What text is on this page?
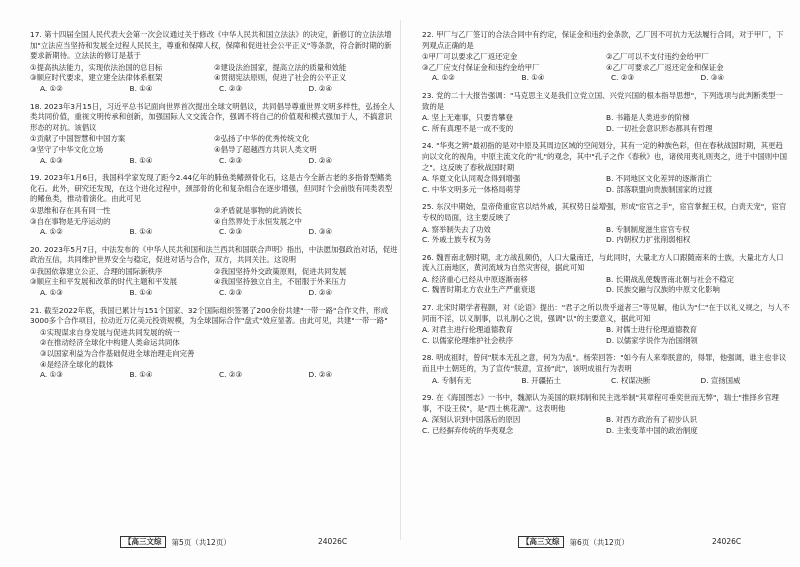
17. 第十四届全国人民代表大会第一次会议通过关于修改《中华人民共和国立法法》的决定，新修订的立法法增加"立法应当坚持和发展全过程人民民主，尊重和保障人权，保障和促进社会公平正义"等条款，符合新时期的新要求新期待。立法法的修订是基于
①提高执法能力，实现依法治国的总目标	②建设法治国家，提高立法的质量和效能
③顺应时代要求，建立建全法律体系框架	④贯彻宪法原则，促进了社会的公平正义
A. ①②	B. ①④	C. ②③	D. ②④
18. 2023年3月15日，习近平总书记面向世界首次提出全球文明倡议，共同倡导尊重世界文明多样性，弘扬全人类共同价值，重视文明传承和创新，加强国际人文交流合作，强调不将自己的价值观和模式强加于人，不搞意识形态的对抗。该倡议
①贡献了中国智慧和中国方案	②弘扬了中华的优秀传统文化
③坚守了中华文化立场	④倡导了超越西方共识人类文明
A. ①③	B. ①④	C. ②③	D. ②④
19. 2023年1月6日，我国科学家发现了距今2.44亿年的肺鱼类鳍颈骨化石，这是古今全新古老的多指骨型鳍类化石。此外，研究还发现，在这个进化过程中，颈部骨的化和复杂组合在逐步增强，但同时个会前肢有同类表型的鳍鱼类，推动着演化。由此可见
①思维和存在具有同一性	②矛盾就是事物的此消彼长
③自在事物是无序运动的	④自然界处于永恒发展之中
A. ①②	B. ①④	C. ②③	D. ③④
20. 2023年5月7日，中法发布的《中华人民共和国和法兰西共和国联合声明》指出，中法愿加强政治对话，促进政治互信，共同维护世界安全与稳定，促进对话与合作，双方，共同关注。这说明
①我国依靠建立公正、合理的国际新秩序	②我国坚持外交政策原则，促进共同发展
③顺应主和平发展和改革的时代主题和平发展	④我国坚持独立自主，不屈服于外来压力
A. ①③	B. ①④	C. ②③	D. ②④
21. 截至2022年底，我国已累计与151个国家、32个国际组织签署了200余份共建"一带一路"合作文件，形成3000多个合作项目，拉动近万亿美元投资规模，为全球国际合作"盘式"效应显著。由此可见，共建"一带一路"
①实现谋求自身发展与促进共同发展的统一
②在推动经济全球化中构建人类命运共同体
③以国家利益为合作基础促进全球治理走向完善
④是经济全球化的载体
A. ①③	B. ①④	C. ②③	D. ②④
【高三文综	第5页（共12页）	24026C
22. 甲厂与乙厂签订的合法合同中有约定，保证金和违约金条款，乙厂因不可抗力无法履行合同，对于甲厂，下列观点正确的是
①甲厂可以要求乙厂返还定金	②乙厂可以不支付违约金给甲厂
③乙厂应支付保证金和违约金给甲厂	④乙厂可要求乙厂返还定金和保证金
A. ①②	B. ①④	C. ②③	D. ③④
23. 党的二十大报告强调："马克思主义是我们立党立国、兴党兴国的根本指导思想"，下列选项与此判断类型一致的是
A. 坚上无难事，只要肯攀登	B. 书籍是人类进步的阶梯
C. 所有真理不是一成不变的	D. 一切社会意识形态都具有哲理
24. "华夷之辨"最初指的是对中原及其周边区域的空间划分，其有一定的种族色彩，但在春秋战国时期，其更趋向以文化的视角，中原主流文化的"礼"的观念，其中"孔子之作《春秋》也，诸侯用夷礼则夷之，进于中国则中国之"。这反映了春秋战国时期
A. 华夏文化认同观念得到增强	B. 不同地区文化差异的逐渐消亡
C. 中华文明多元一体格局萌芽	D. 部落联盟向贵族制国家的过渡
25. 东汉中期始，皇帝倚重宦官以结外戚，其权势日益增强，形成"宦官之手"，宦官掌握王权，白责天宠"，宦官专权的局面，这主要反映了
A. 察举制失去了功效	B. 专制制度滋生宦官专权
C. 外戚士族专权为务	D. 内朝权力扩张削弱相权
26. 魏晋南北朝时期，北方战乱频仍，人口大量南迁，与此同时，大量北方人口跟随南来的士族，大量北方人口流入江南地区，黄河流域为自然灾害侵，据此可知
A. 经济重心已经从中原逐渐南移	B. 长期战乱使魏晋南北朝与社会不稳定
C. 魏晋时期北方农业生产严重衰退	D. 民族交融与汉族的中原文化影响
27. 北宋时期学者程颢，对《论语》提出："君子之所以贵乎道者三"等见解，他认为"仁"在于以礼义规之，与人不同而不淫，以义制事，以礼制心之说，强调"以"的主要意义，据此可知
A. 对君主进行伦理道德教育	B. 对儒士进行伦理道德教育
C. 以儒家伦理维护社会秩序	D. 以儒家学说作为治国纲领
28. 明成祖时，曾问"朕本无乱之意，何为为乱"。杨荣回答："如今有人来奉朕意的，得罪，他强调，谁主也非议而且中土朝廷的，为了宣传"朕意，宣扬"此"，该明成祖行为表明
A. 专制有无	B. 开疆拓土	C. 权谋决断	D. 宣扬国威
29. 在《海国图志》一书中，魏源认为美国的联邦制和民主选举制"其章程可垂奕世而无弊"，瑞士"推择乡官理事，不设王侯"，是"西土桃花源"。这表明他
A. 深刻认识到中国落后的原因	B. 对西方政治有了初步认识
C. 已经摒弃传统的华夷观念	D. 主张变革中国的政治制度
【高三文综	第6页（共12页）	24026C
